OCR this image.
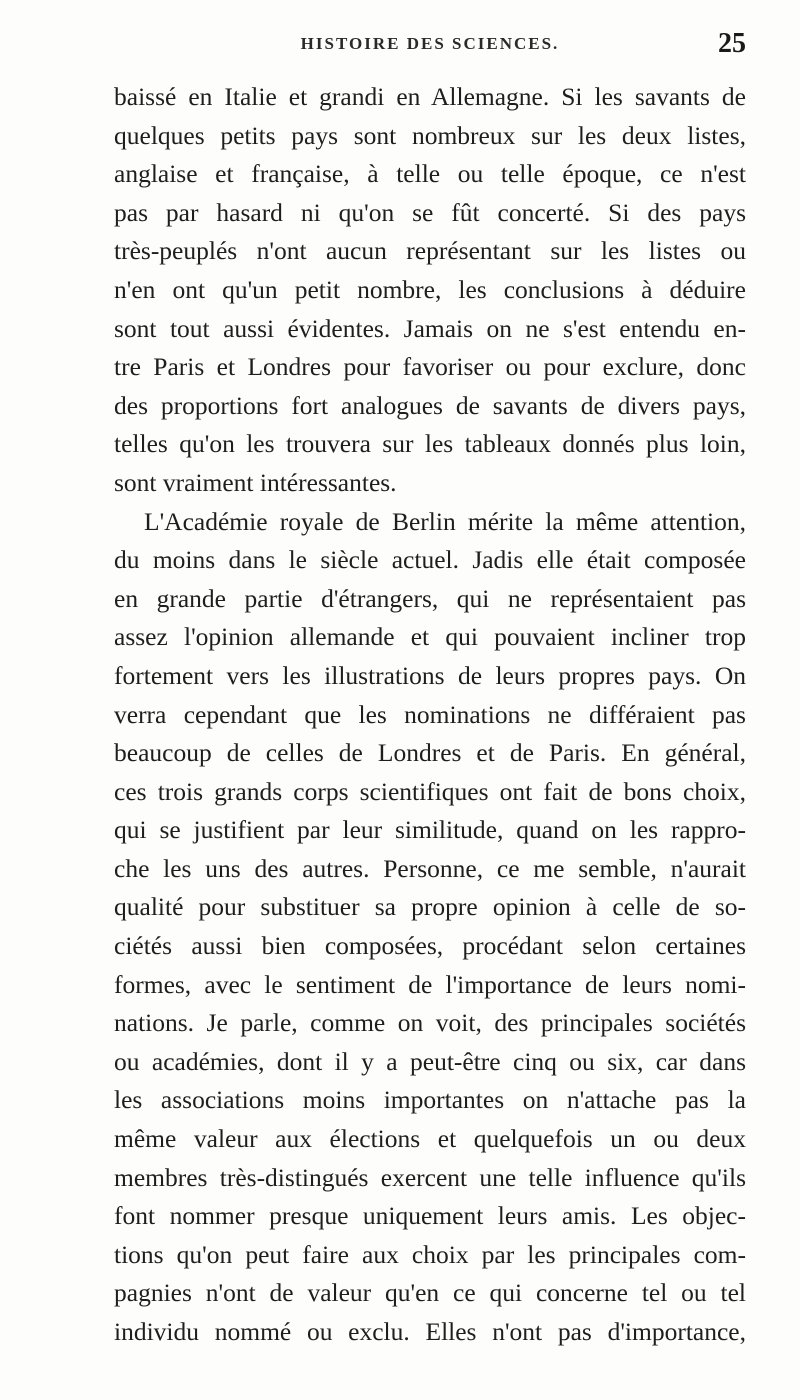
HISTOIRE DES SCIENCES.	25
baissé en Italie et grandi en Allemagne. Si les savants de
quelques petits pays sont nombreux sur les deux listes,
anglaise et française, à telle ou telle époque, ce n'est
pas par hasard ni qu'on se fût concerté. Si des pays
très-peuplés n'ont aucun représentant sur les listes ou
n'en ont qu'un petit nombre, les conclusions à déduire
sont tout aussi évidentes. Jamais on ne s'est entendu en-
tre Paris et Londres pour favoriser ou pour exclure, donc
des proportions fort analogues de savants de divers pays,
telles qu'on les trouvera sur les tableaux donnés plus loin,
sont vraiment intéressantes.
L'Académie royale de Berlin mérite la même attention,
du moins dans le siècle actuel. Jadis elle était composée
en grande partie d'étrangers, qui ne représentaient pas
assez l'opinion allemande et qui pouvaient incliner trop
fortement vers les illustrations de leurs propres pays. On
verra cependant que les nominations ne différaient pas
beaucoup de celles de Londres et de Paris. En général,
ces trois grands corps scientifiques ont fait de bons choix,
qui se justifient par leur similitude, quand on les rappro-
che les uns des autres. Personne, ce me semble, n'aurait
qualité pour substituer sa propre opinion à celle de so-
ciétés aussi bien composées, procédant selon certaines
formes, avec le sentiment de l'importance de leurs nomi-
nations. Je parle, comme on voit, des principales sociétés
ou académies, dont il y a peut-être cinq ou six, car dans
les associations moins importantes on n'attache pas la
même valeur aux élections et quelquefois un ou deux
membres très-distingués exercent une telle influence qu'ils
font nommer presque uniquement leurs amis. Les objec-
tions qu'on peut faire aux choix par les principales com-
pagnies n'ont de valeur qu'en ce qui concerne tel ou tel
individu nommé ou exclu. Elles n'ont pas d'importance,
